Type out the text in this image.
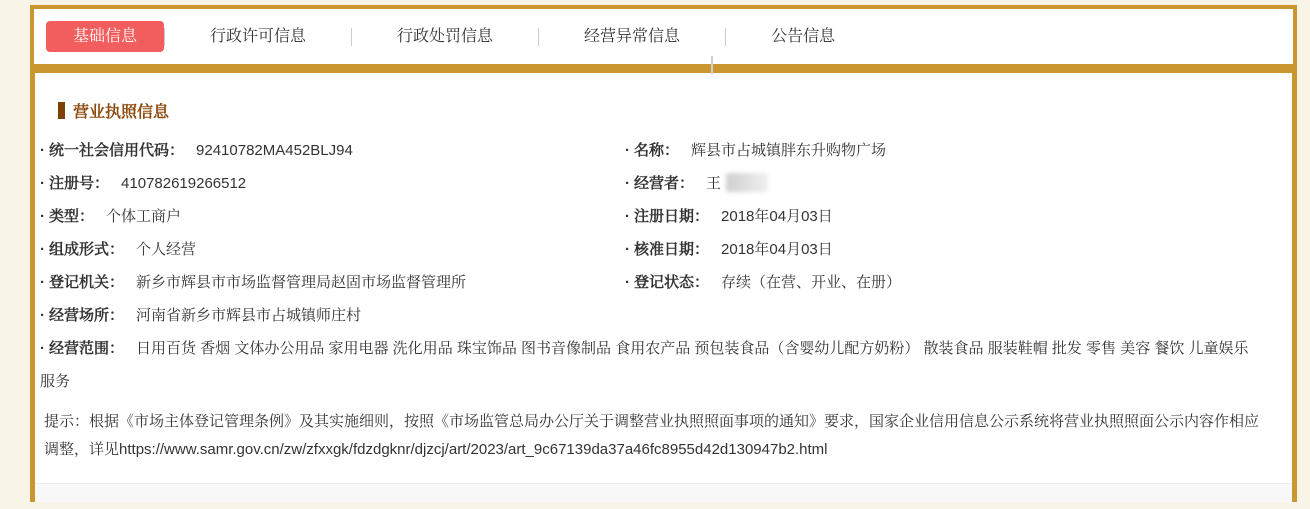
基础信息	行政许可信息	行政处罚信息	经营异常信息	公告信息
营业执照信息
· 统一社会信用代码： 92410782MA452BLJ94	· 名称： 辉县市占城镇胖东升购物广场
· 注册号： 410782619266512	· 经营者： 王
· 类型： 个体工商户	· 注册日期： 2018年04月03日
· 组成形式： 个人经营	· 核准日期： 2018年04月03日
· 登记机关： 新乡市辉县市市场监督管理局赵固市场监督管理所	· 登记状态： 存续（在营、开业、在册）
· 经营场所： 河南省新乡市辉县市占城镇师庄村
· 经营范围： 日用百货 香烟 文体办公用品 家用电器 洗化用品 珠宝饰品 图书音像制品 食用农产品 预包装食品（含婴幼儿配方奶粉） 散装食品 服装鞋帽 批发 零售 美容 餐饮 儿童娱乐 服务

提示：根据《市场主体登记管理条例》及其实施细则，按照《市场监管总局办公厅关于调整营业执照照面事项的通知》要求，国家企业信用信息公示系统将营业执照照面公示内容作相应调整，详见https://www.samr.gov.cn/zw/zfxxgk/fdzdgknr/djzcj/art/2023/art_9c67139da37a46fc8955d42d130947b2.html
